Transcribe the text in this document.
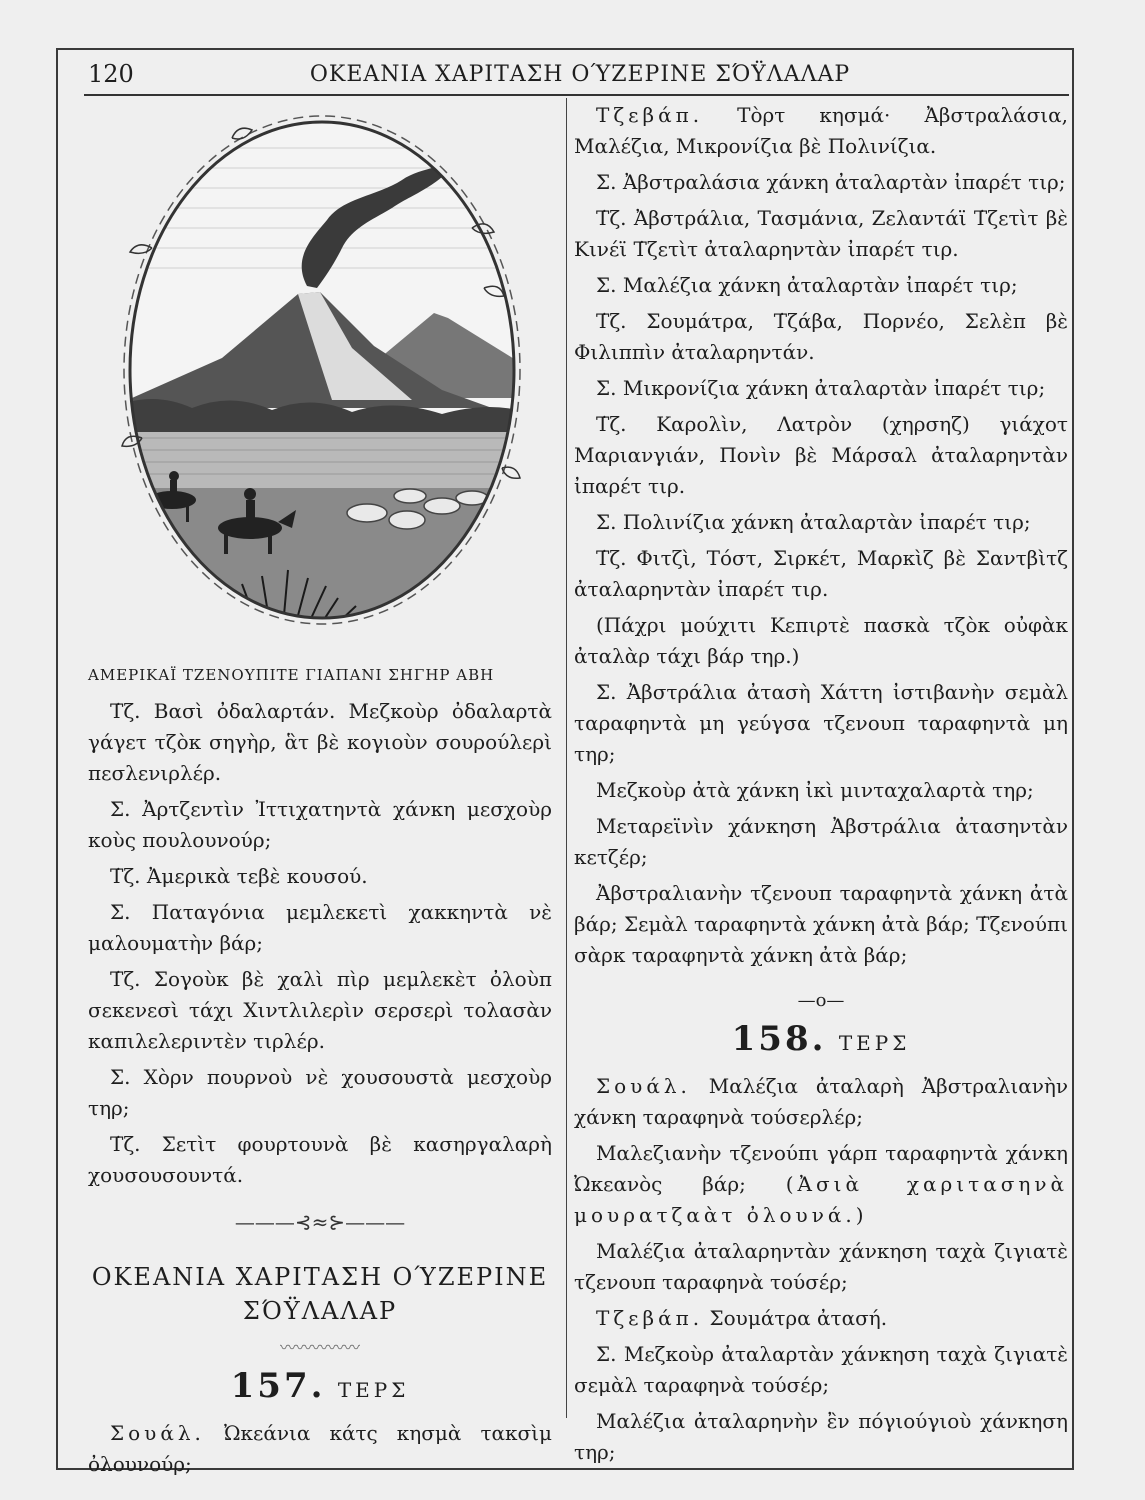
120	ΟΚΕΑΝΙΑ ΧΑΡΙΤΑΣΗ ΟΎΖΕΡΙΝΕ ΣΌΫΛΑΛΑΡ

ΑΜΕΡΙΚΑΪ ΤΖΕΝΟΥΠΙΤΕ ΓΙΑΠΑΝΙ ΣΗΓΗΡ ΑΒΗ

Τ̇ζ. Βασὶ ὀδαλαρτάν. Μεζκοὺρ ὀδαλαρτὰ γάγετ τζὸκ σηγὴρ, ἃτ βὲ κογιοὺν σουρούλερὶ πεσλενιρλέρ.

Σ. Ἀρτζεντὶν Ἰττιχατηντὰ χάνκη μεσχοὺρ κοὺς πουλουνούρ;

Τ̇ζ. Ἀμερικὰ τεβὲ κουσού.

Σ. Παταγόνια μεμλεκετὶ χακκηντὰ νὲ μαλουματὴν βάρ;

Τ̇ζ. Σογοὺκ βὲ χαλὶ πὶρ μεμλεκὲτ ὀλοὺπ σεκενεσὶ τάχι Χιντλιλερὶν σερσερὶ τολασὰν καπιλελεριντὲν τιρλέρ.

Σ. Χὸρν πουρνοὺ νὲ χουσουστὰ μεσχοὺρ τηρ;

Τ̇ζ. Σετὶτ φουρτουνὰ βὲ κασηργαλαρὴ χουσουσουντά.

———⊰≈⊱———
ΟΚΕΑΝΙΑ ΧΑΡΙΤΑΣΗ ΟΎΖΕΡΙΝΕ
ΣΌΫΛΑΛΑΡ
〰〰〰〰〰
157. ΤΕΡΣ

Σουάλ. Ὠκεάνια κάτς κησμὰ τακσὶμ ὀλουνούρ;

Τζεβάπ. Τὸρτ κησμά· Ἀβστραλάσια, Μαλέζια, Μικρονίζια βὲ Πολινίζια.

Σ. Ἀβστραλάσια χάνκη ἀταλαρτὰν ἰπαρέτ τιρ;

Τ̇ζ. Ἀβστράλια, Τασμάνια, Ζελαντάϊ Τ̇ζετὶτ βὲ Κινέϊ Τ̇ζετὶτ ἀταλαρηντὰν ἰπαρέτ τιρ.

Σ. Μαλέζια χάνκη ἀταλαρτὰν ἰπαρέτ τιρ;

Τ̇ζ. Σουμάτρα, Τ̇ζάβα, Πορνέο, Σελὲπ βὲ Φιλιππὶν ἀταλαρηντάν.

Σ. Μικρονίζια χάνκη ἀταλαρτὰν ἰπαρέτ τιρ;

Τ̇ζ. Καρολὶν, Λατρὸν (χηρσηζ) γιάχοτ Μαριανγιάν, Πονὶν βὲ Μάρσαλ ἀταλαρηντὰν ἰπαρέτ τιρ.

Σ. Πολινίζια χάνκη ἀταλαρτὰν ἰπαρέτ τιρ;

Τ̇ζ. Φιτζὶ, Τόστ, Σιρκέτ, Μαρκὶζ βὲ Σαντβὶτζ ἀταλαρηντὰν ἰπαρέτ τιρ.

(Πάχρι μούχιτι Κεπιρτὲ πασκὰ τζὸκ οὐφὰκ ἀταλὰρ τάχι βάρ τηρ.)

Σ. Ἀβστράλια ἀτασὴ Χάττη ἰστιβανὴν σεμὰλ ταραφηντὰ μη γεύγσα τζενουπ ταραφηντὰ μη τηρ;

Μεζκοὺρ ἀτὰ χάνκη ἰκὶ μινταχαλαρτὰ τηρ;

Μεταρεϊνὶν χάνκηση Ἀβστράλια ἀτασηντὰν κετζέρ;

Ἀβστραλιανὴν τζενουπ ταραφηντὰ χάνκη ἀτὰ βάρ; Σεμὰλ ταραφηντὰ χάνκη ἀτὰ βάρ; Τ̇ζενούπι σὰρκ ταραφηντὰ χάνκη ἀτὰ βάρ;

—o—
158. ΤΕΡΣ

Σουάλ. Μαλέζια ἀταλαρὴ Ἀβστραλιανὴν χάνκη ταραφηνὰ τούσερλέρ;

Μαλεζιανὴν τζενούπι γάρπ ταραφηντὰ χάνκη Ὠκεανὸς βάρ; (Ἀσιὰ χαριτασηνὰ μουρατζαὰτ ὀλουνά.)

Μαλέζια ἀταλαρηντὰν χάνκηση ταχὰ ζιγιατὲ τζενουπ ταραφηνὰ τούσέρ;

Τζεβάπ. Σουμάτρα ἀτασή.

Σ. Μεζκοὺρ ἀταλαρτὰν χάνκηση ταχὰ ζιγιατὲ σεμὰλ ταραφηνὰ τούσέρ;

Μαλέζια ἀταλαρηνὴν ἒν πόγιούγιοὺ χάνκηση τηρ;
